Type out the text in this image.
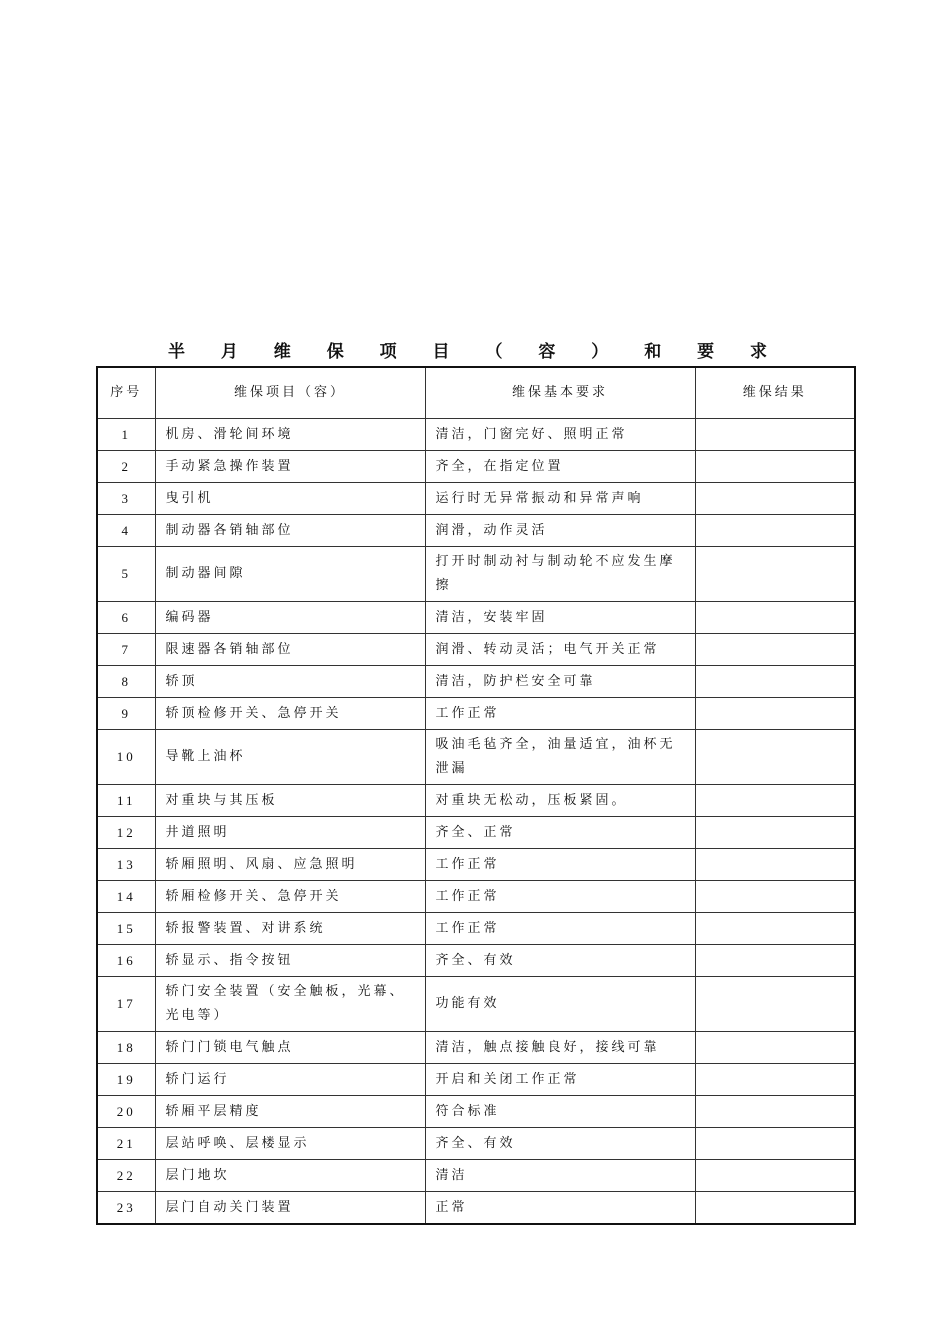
半 月 维 保 项 目 （ 容 ） 和 要 求
序号	维保项目（容）	维保基本要求	维保结果
1	机房、滑轮间环境	清洁，门窗完好、照明正常	
2	手动紧急操作装置	齐全，在指定位置	
3	曳引机	运行时无异常振动和异常声响	
4	制动器各销轴部位	润滑，动作灵活	
5	制动器间隙	打开时制动衬与制动轮不应发生摩擦	
6	编码器	清洁，安装牢固	
7	限速器各销轴部位	润滑、转动灵活；电气开关正常	
8	轿顶	清洁，防护栏安全可靠	
9	轿顶检修开关、急停开关	工作正常	
10	导靴上油杯	吸油毛毡齐全，油量适宜，油杯无泄漏	
11	对重块与其压板	对重块无松动，压板紧固。	
12	井道照明	齐全、正常	
13	轿厢照明、风扇、应急照明	工作正常	
14	轿厢检修开关、急停开关	工作正常	
15	轿报警装置、对讲系统	工作正常	
16	轿显示、指令按钮	齐全、有效	
17	轿门安全装置（安全触板，光幕、光电等）	功能有效	
18	轿门门锁电气触点	清洁，触点接触良好，接线可靠	
19	轿门运行	开启和关闭工作正常	
20	轿厢平层精度	符合标准	
21	层站呼唤、层楼显示	齐全、有效	
22	层门地坎	清洁	
23	层门自动关门装置	正常	
